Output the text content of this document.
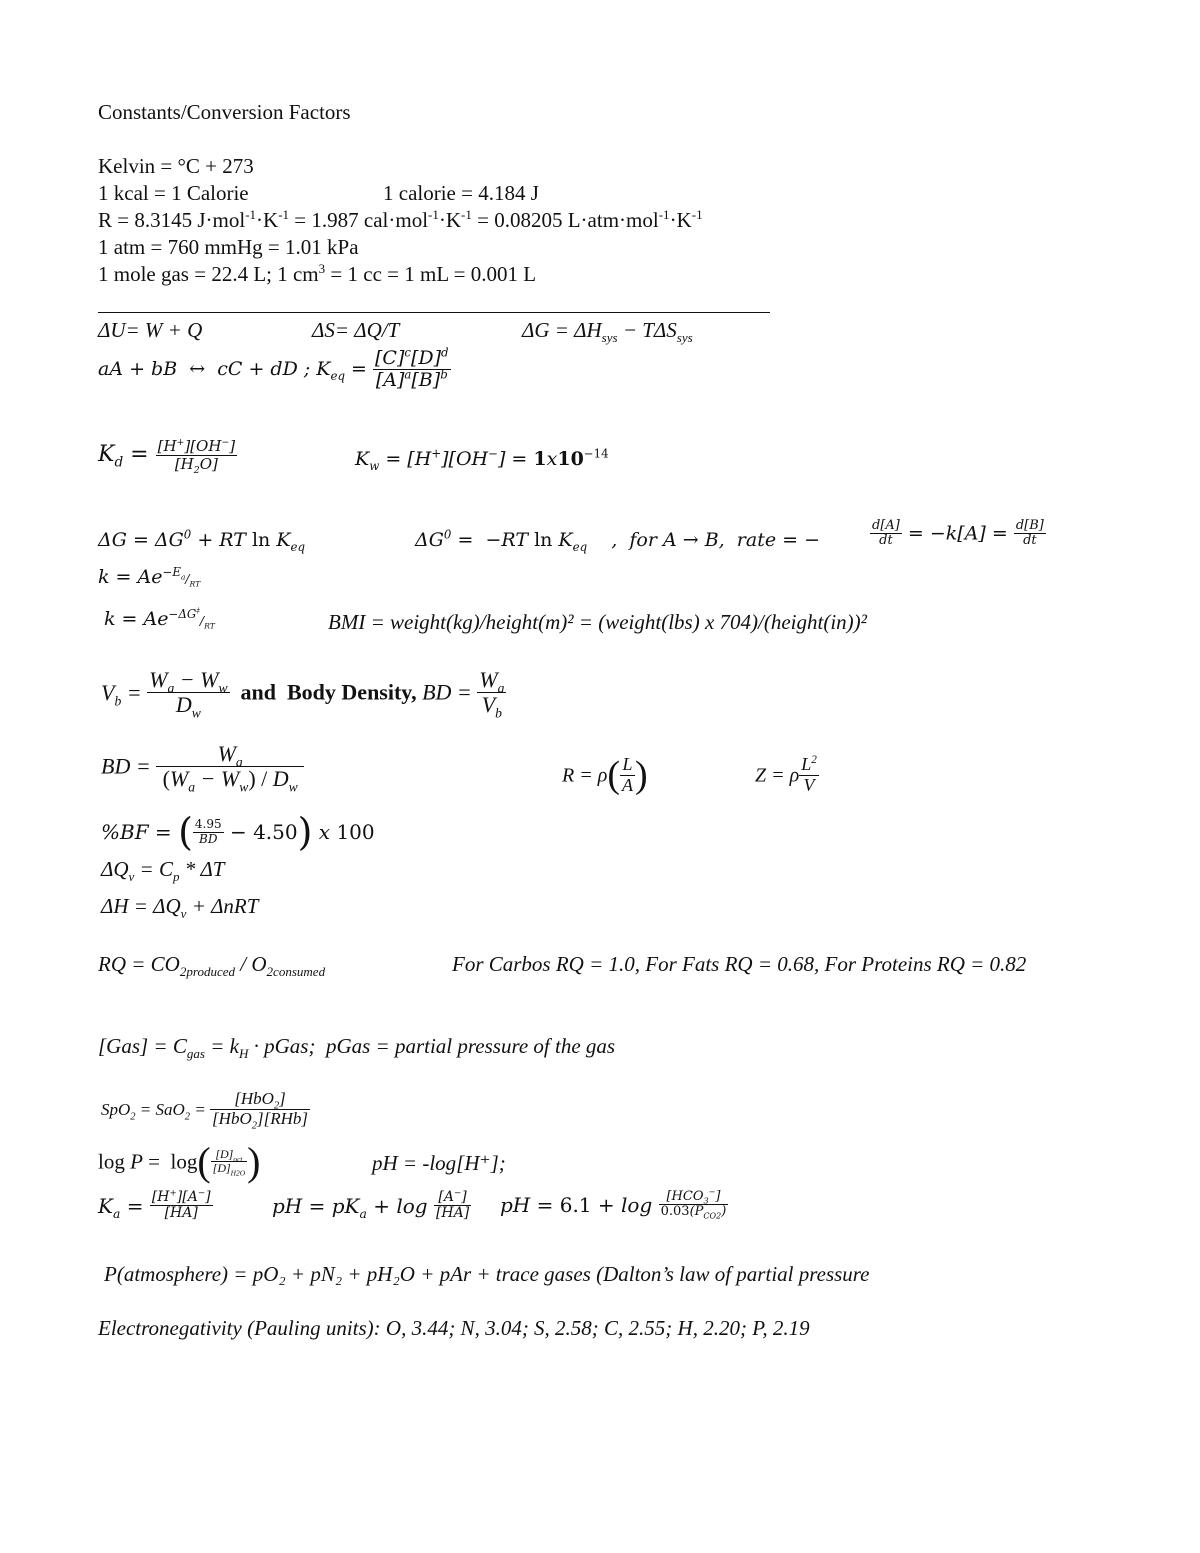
Constants/Conversion Factors
Kelvin = °C + 273
1 kcal = 1 Calorie	1 calorie = 4.184 J
R = 8.3145 $J\cdot mol^{-1}\cdot K^{-1} = 1.987$ $cal\cdot mol^{-1}\cdot K^{-1} = 0.08205$ $L\cdot atm\cdot mol^{-1}\cdot K^{-1}$
1 atm = 760 mmHg = 1.01 kPa
1 mole gas = 22.4 L; 1 $cm^3 = 1$ cc = 1 mL = 0.001 L
ΔU= W + Q	ΔS= ΔQ/T	$\Delta G = \Delta H_{sys} - T\Delta S_{sys}$
aA + bB  ↔  cC + dD ; $K_{eq} = \frac{[C]^c[D]^d}{[A]^a[B]^b}$
$K_d = \frac{[H^+][OH^-]}{[H_2O]}$	$K_w = [H^+][OH^-] = 1x10^{-14}$
$\Delta G = \Delta G^0$ + RT $\ln K_{eq}$	$\Delta G^0 = -RT$ $\ln K_{eq}$    ,  for A → B,  rate = −	$\frac{d[A]}{dt} = -k[A] = \frac{d[B]}{dt}$
$k = Ae^{-E_a}/_{RT}$
$k = Ae^{-\Delta G^\ddagger}/_{RT}$	BMI = weight(kg)/height(m)² = (weight(lbs) x 704)/(height(in))²
$V_b = \frac{W_a - W_w}{D_w}$ and  Body Density, BD = $\frac{W_a}{V_b}$
BD = $\frac{W_a}{(W_a - W_w) / D_w}$	$R = \rho( \frac{L}{A}$ )	Z = ρ $\frac{L^2}{V}$
%BF = ( $\frac{4.95}{BD} - 4.50$) x 100
$\Delta Q_v = C_p * \Delta T$
$\Delta H = \Delta Q_v + \Delta nRT$
RQ = $CO_{2produced} / O_{2consumed}$	For Carbos RQ = 1.0, For Fats RQ = 0.68, For Proteins RQ = 0.82
$[Gas] = C_{gas} = k_H$ · pGas;  pGas = partial pressure of the gas
$SpO_2 = SaO_2 = \frac{[HbO_2]}{[HbO_2][RHb]}$
$\log P = \log( \frac{[D]_{oct}}{[D]_{H2O}}$ )	pH = -log[H⁺];
$K_a = \frac{[H^+][A^-]}{[HA]}$	pH = $pK_a + \log \frac{[A^-]}{[HA]}$ pH = $6.1 + \log \frac{[HCO_3^-]}{0.03(P_{CO2})}$
P(atmosphere) = pO₂ + pN₂ + pH₂O + pAr + trace gases (Dalton’s law of partial pressure
Electronegativity (Pauling units): O, 3.44; N, 3.04; S, 2.58; C, 2.55; H, 2.20; P, 2.19
